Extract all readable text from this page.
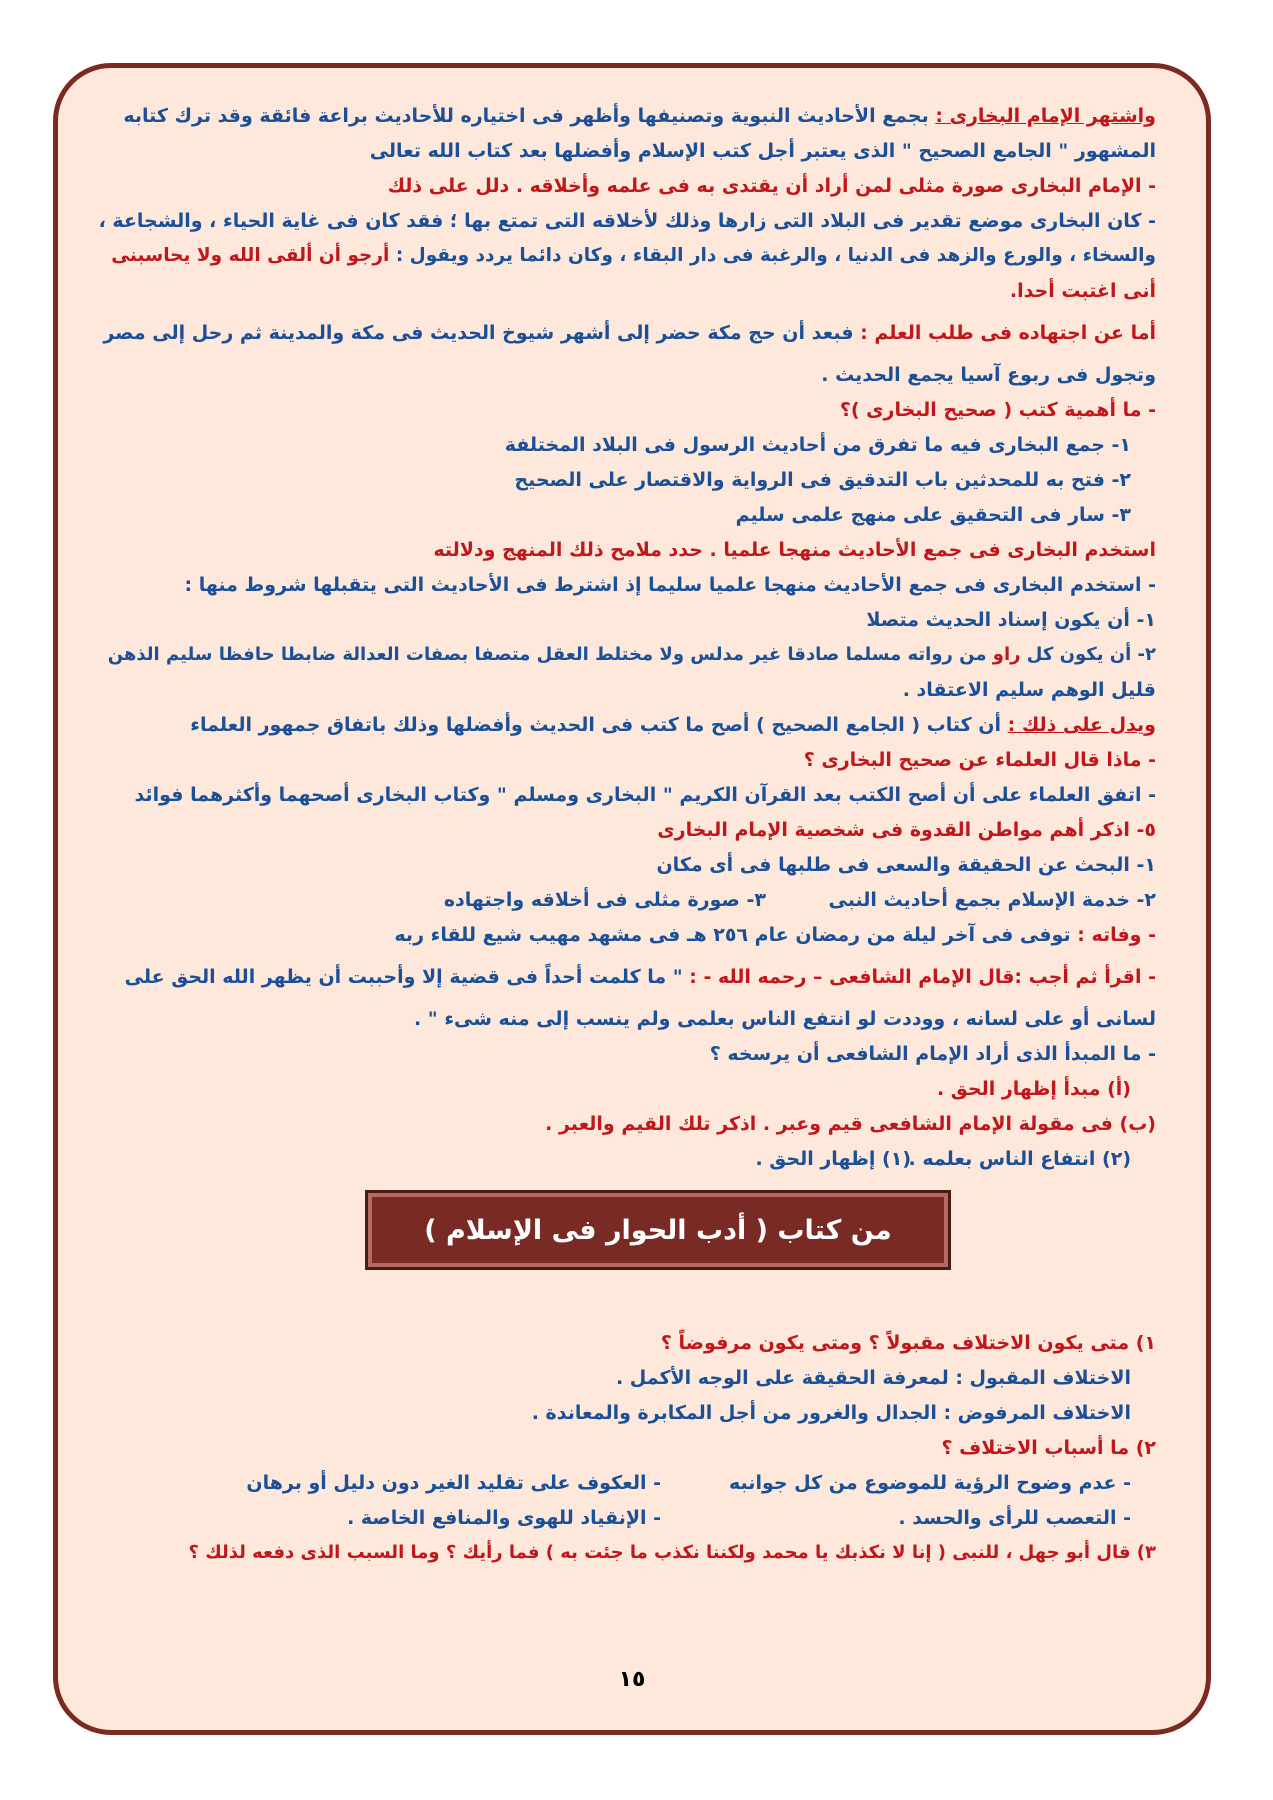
واشتهر الإمام البخارى : بجمع الأحاديث النبوية وتصنيفها وأظهر فى اختياره للأحاديث براعة فائقة وقد ترك كتابه
المشهور " الجامع الصحيح " الذى يعتبر أجل كتب الإسلام وأفضلها بعد كتاب الله تعالى
- الإمام البخارى صورة مثلى لمن أراد أن يقتدى به فى علمه وأخلاقه . دلل على ذلك
- كان البخارى موضع تقدير فى البلاد التى زارها وذلك لأخلاقه التى تمتع بها ؛ فقد كان فى غاية الحياء ، والشجاعة ،
والسخاء ، والورع والزهد فى الدنيا ، والرغبة فى دار البقاء ، وكان دائما يردد ويقول : أرجو أن ألقى الله ولا يحاسبنى
أنى اغتبت أحدا.
أما عن اجتهاده فى طلب العلم : فبعد أن حج مكة حضر إلى أشهر شيوخ الحديث فى مكة والمدينة ثم رحل إلى مصر
وتجول فى ربوع آسيا يجمع الحديث .
- ما أهمية كتب ( صحيح البخارى )؟
١- جمع البخارى فيه ما تفرق من أحاديث الرسول فى البلاد المختلفة
٢- فتح به للمحدثين باب التدقيق فى الرواية والاقتصار على الصحيح
٣- سار فى التحقيق على منهج علمى سليم
استخدم البخارى فى جمع الأحاديث منهجا علميا . حدد ملامح ذلك المنهج ودلالته
- استخدم البخارى فى جمع الأحاديث منهجا علميا سليما إذ اشترط فى الأحاديث التى يتقبلها شروط منها :
١- أن يكون إسناد الحديث متصلا
٢- أن يكون كل راو من رواته مسلما صادقا غير مدلس ولا مختلط العقل متصفا بصفات العدالة ضابطا حافظا سليم الذهن
قليل الوهم سليم الاعتقاد .
ويدل على ذلك : أن كتاب ( الجامع الصحيح ) أصح ما كتب فى الحديث وأفضلها وذلك باتفاق جمهور العلماء
- ماذا قال العلماء عن صحيح البخارى ؟
- اتفق العلماء على أن أصح الكتب بعد القرآن الكريم " البخارى ومسلم " وكتاب البخارى أصحهما وأكثرهما فوائد
٥- اذكر أهم مواطن القدوة فى شخصية الإمام البخارى
١- البحث عن الحقيقة والسعى فى طلبها فى أى مكان
٢- خدمة الإسلام بجمع أحاديث النبى
٣- صورة مثلى فى أخلاقه واجتهاده
- وفاته : توفى فى آخر ليلة من رمضان عام ٢٥٦ هـ فى مشهد مهيب شيع للقاء ربه
- اقرأ ثم أجب :قال الإمام الشافعى – رحمه الله - : " ما كلمت أحداً فى قضية إلا وأحببت أن يظهر الله الحق على
لسانى أو على لسانه ، ووددت لو انتفع الناس بعلمى ولم ينسب إلى منه شىء " .
- ما المبدأ الذى أراد الإمام الشافعى أن يرسخه ؟
(أ) مبدأ إظهار الحق .
(ب) فى مقولة الإمام الشافعى قيم وعبر . اذكر تلك القيم والعبر .
(٢) انتفاع الناس بعلمه .
(١) إظهار الحق .
من كتاب ( أدب الحوار فى الإسلام )
١) متى يكون الاختلاف مقبولاً ؟ ومتى يكون مرفوضاً ؟
الاختلاف المقبول : لمعرفة الحقيقة على الوجه الأكمل .
الاختلاف المرفوض : الجدال والغرور من أجل المكابرة والمعاندة .
٢) ما أسباب الاختلاف ؟
- عدم وضوح الرؤية للموضوع من كل جوانبه
- العكوف على تقليد الغير دون دليل أو برهان
- التعصب للرأى والحسد .
- الإنقياد للهوى والمنافع الخاصة .
٣) قال أبو جهل ، للنبى ( إنا لا نكذبك يا محمد ولكننا نكذب ما جئت به ) فما رأيك ؟ وما السبب الذى دفعه لذلك ؟
١٥
